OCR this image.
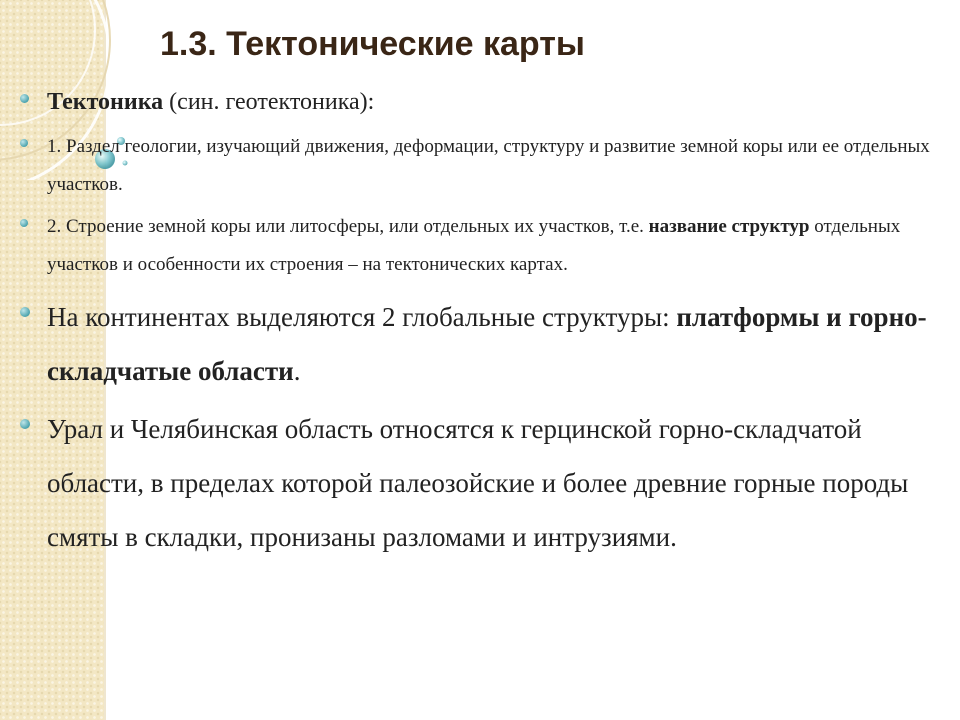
1.3. Тектонические карты
Тектоника (син. геотектоника):
1. Раздел геологии, изучающий движения, деформации, структуру и развитие земной коры или ее отдельных участков.
2. Строение земной коры или литосферы, или отдельных их участков, т.е. название структур отдельных участков и особенности их строения – на тектонических картах.
На континентах выделяются 2 глобальные структуры: платформы и горно-складчатые области.
Урал и Челябинская область относятся к герцинской горно-складчатой области, в пределах которой палеозойские и более древние горные породы смяты в складки, пронизаны разломами и интрузиями.
